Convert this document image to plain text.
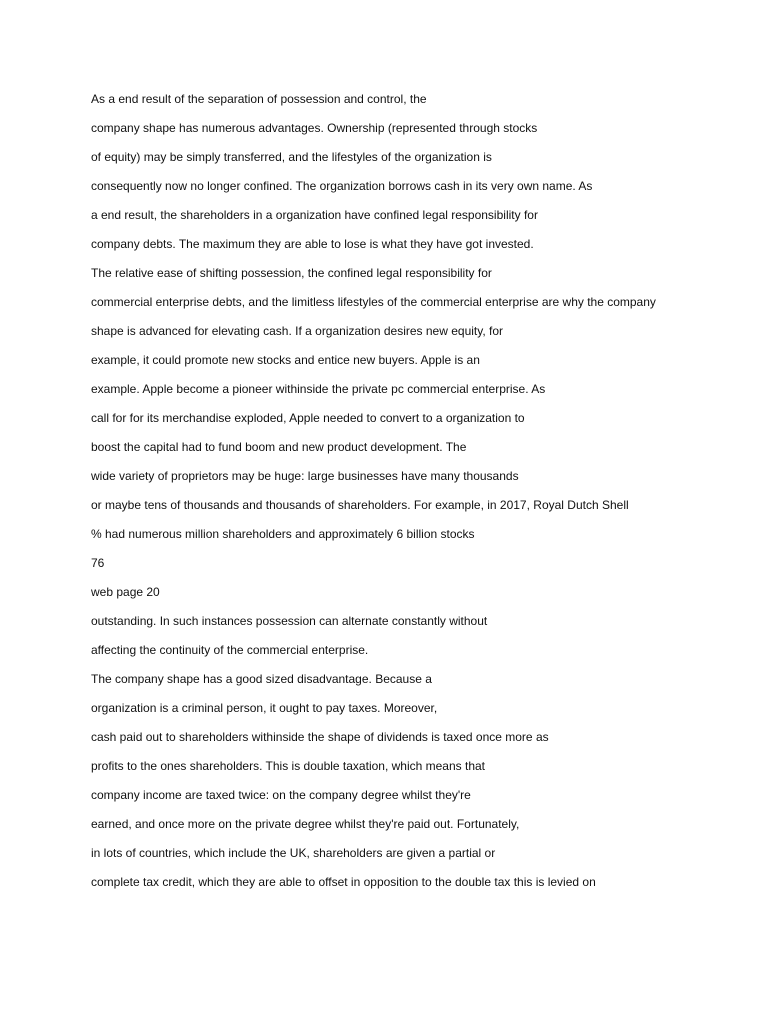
As a end result of the separation of possession and control, the
company shape has numerous advantages. Ownership (represented through stocks
of equity) may be simply transferred, and the lifestyles of the organization is
consequently now no longer confined. The organization borrows cash in its very own name. As
a end result, the shareholders in a organization have confined legal responsibility for
company debts. The maximum they are able to lose is what they have got invested.
The relative ease of shifting possession, the confined legal responsibility for
commercial enterprise debts, and the limitless lifestyles of the commercial enterprise are why the company
shape is advanced for elevating cash. If a organization desires new equity, for
example, it could promote new stocks and entice new buyers. Apple is an
example. Apple become a pioneer withinside the private pc commercial enterprise. As
call for for its merchandise exploded, Apple needed to convert to a organization to
boost the capital had to fund boom and new product development. The
wide variety of proprietors may be huge: large businesses have many thousands
or maybe tens of thousands and thousands of shareholders. For example, in 2017, Royal Dutch Shell
% had numerous million shareholders and approximately 6 billion stocks
76
web page 20
outstanding. In such instances possession can alternate constantly without
affecting the continuity of the commercial enterprise.
The company shape has a good sized disadvantage. Because a
organization is a criminal person, it ought to pay taxes. Moreover,
cash paid out to shareholders withinside the shape of dividends is taxed once more as
profits to the ones shareholders. This is double taxation, which means that
company income are taxed twice: on the company degree whilst they're
earned, and once more on the private degree whilst they're paid out. Fortunately,
in lots of countries, which include the UK, shareholders are given a partial or
complete tax credit, which they are able to offset in opposition to the double tax this is levied on
